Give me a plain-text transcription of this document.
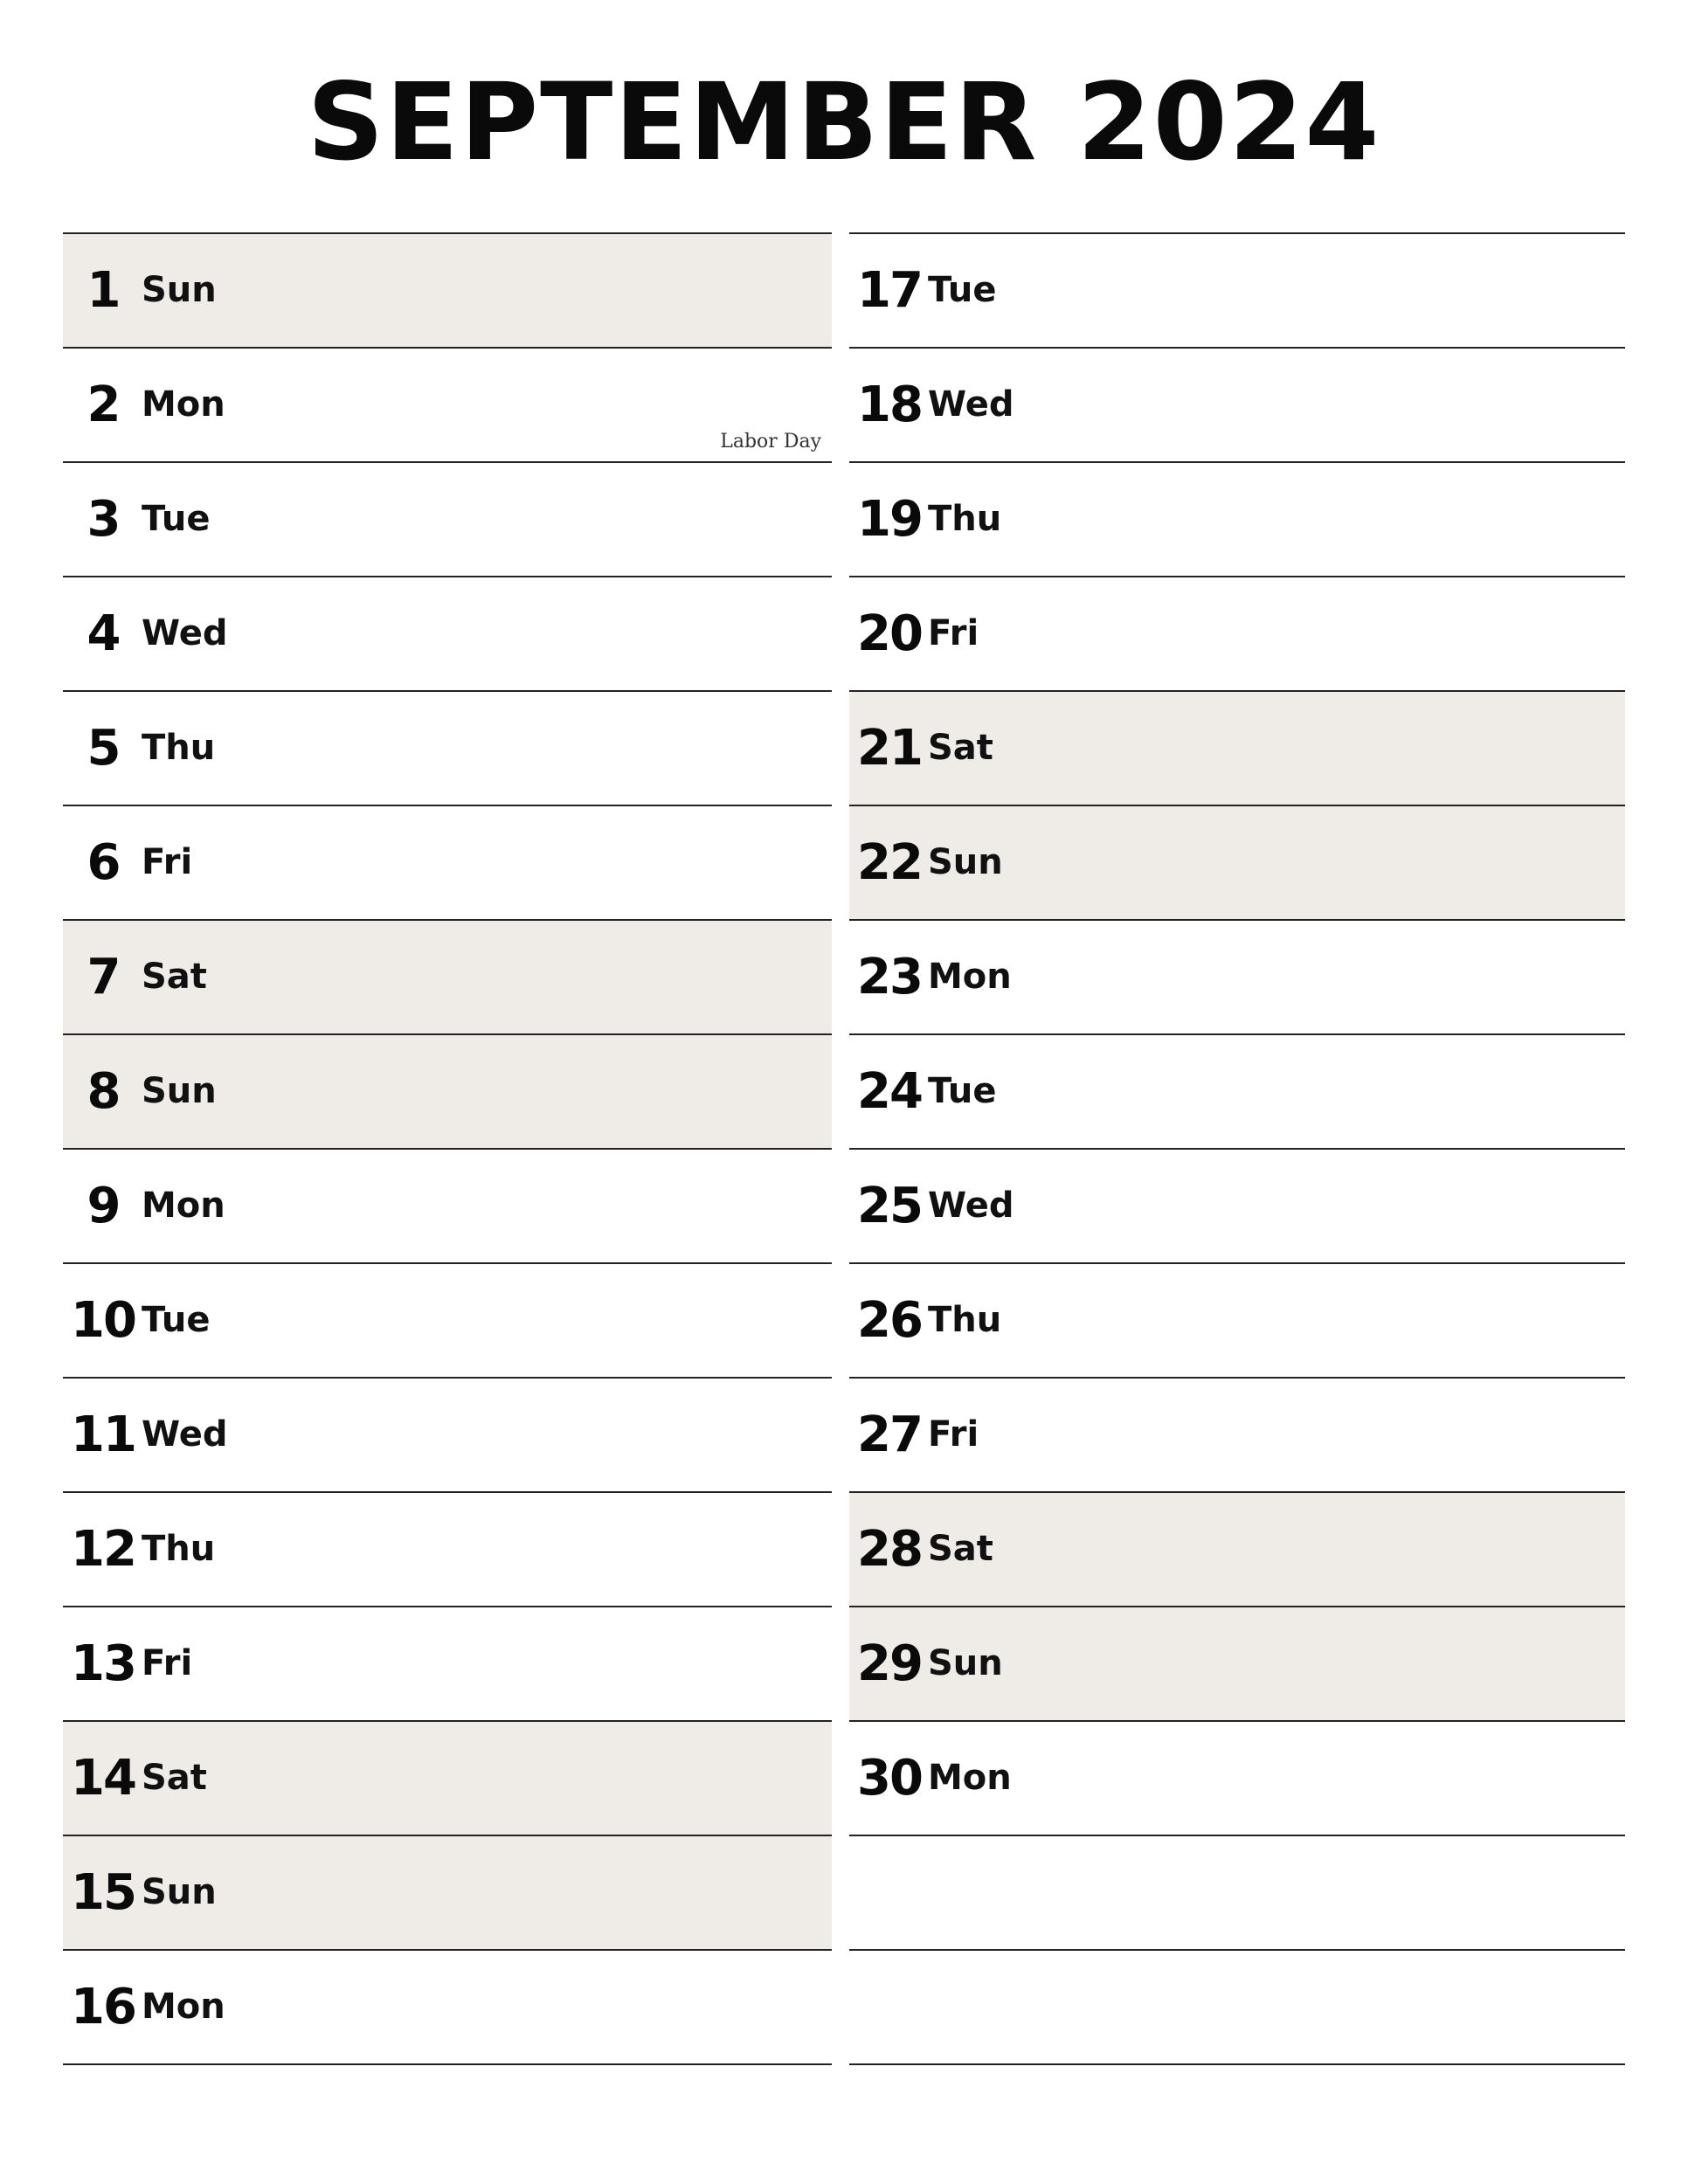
SEPTEMBER 2024
1 Sun
2 Mon
Labor Day
3 Tue
4 Wed
5 Thu
6 Fri
7 Sat
8 Sun
9 Mon
10 Tue
11 Wed
12 Thu
13 Fri
14 Sat
15 Sun
16 Mon
17 Tue
18 Wed
19 Thu
20 Fri
21 Sat
22 Sun
23 Mon
24 Tue
25 Wed
26 Thu
27 Fri
28 Sat
29 Sun
30 Mon
